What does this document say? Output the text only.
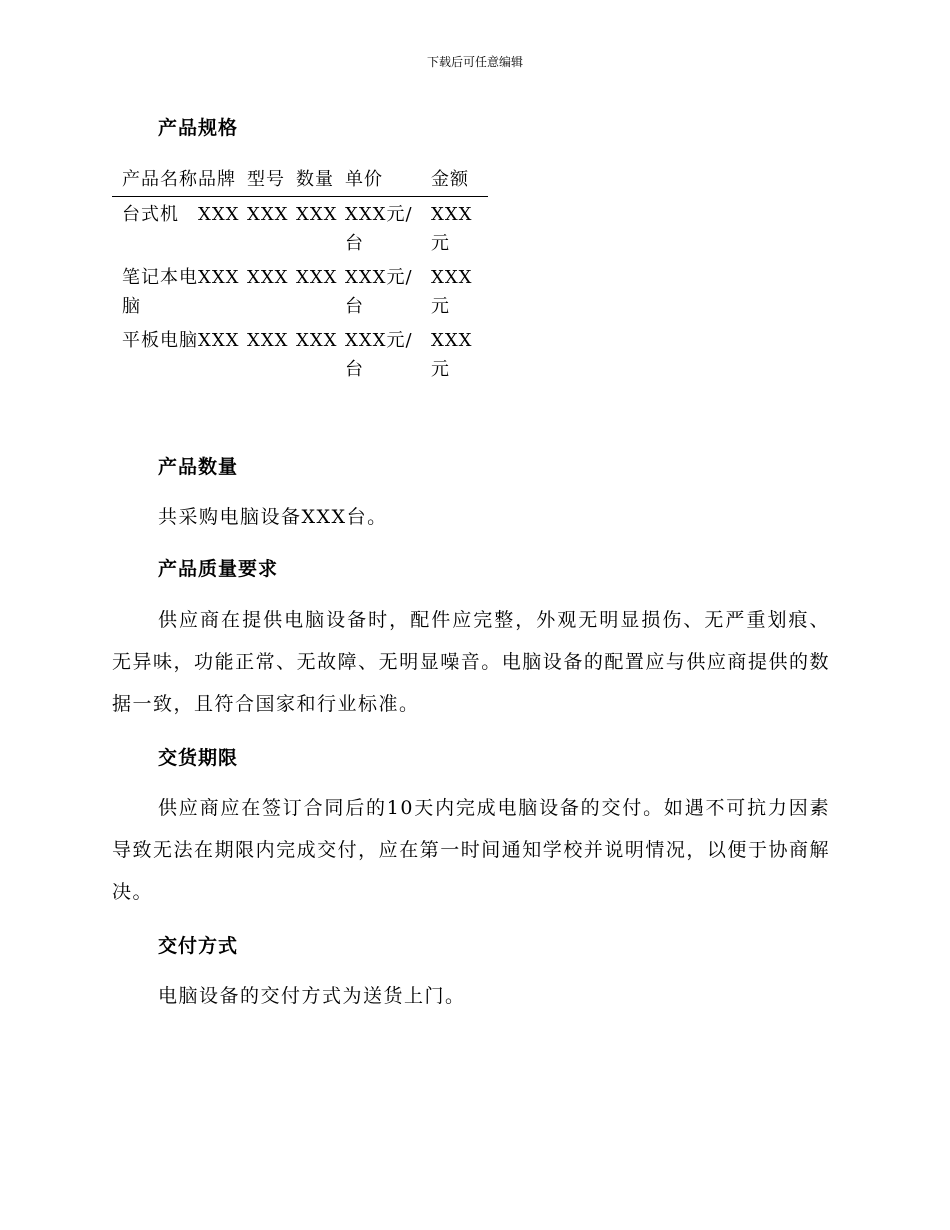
下载后可任意编辑
产品规格
产品名称	品牌	型号	数量	单价	金额
台式机	XXX	XXX	XXX	XXX元/台	XXX元
笔记本电脑	XXX	XXX	XXX	XXX元/台	XXX元
平板电脑	XXX	XXX	XXX	XXX元/台	XXX元
产品数量

共采购电脑设备XXX台。

产品质量要求

供应商在提供电脑设备时，配件应完整，外观无明显损伤、无严重划痕、无异味，功能正常、无故障、无明显噪音。电脑设备的配置应与供应商提供的数据一致，且符合国家和行业标准。

交货期限

供应商应在签订合同后的10天内完成电脑设备的交付。如遇不可抗力因素导致无法在期限内完成交付，应在第一时间通知学校并说明情况，以便于协商解决。

交付方式

电脑设备的交付方式为送货上门。
